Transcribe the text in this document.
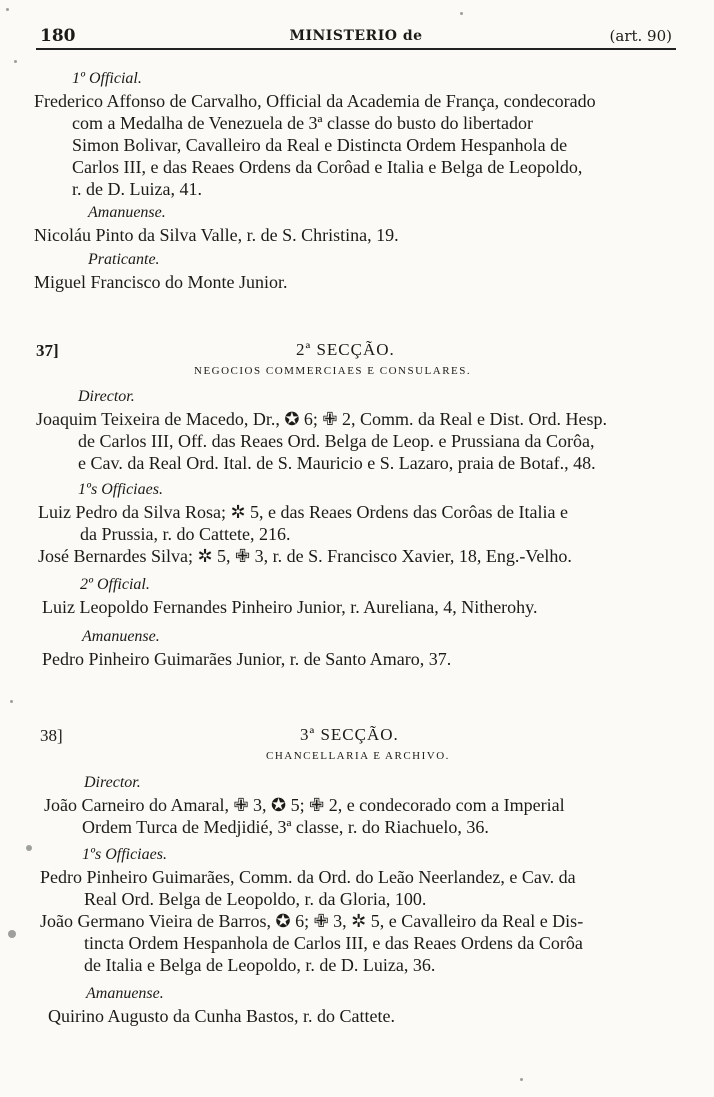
180	MINISTERIO de	(art. 90)
1º Official.
Frederico Affonso de Carvalho, Official da Academia de França, condecorado
com a Medalha de Venezuela de 3ª classe do busto do libertador
Simon Bolivar, Cavalleiro da Real e Distincta Ordem Hespanhola de
Carlos III, e das Reaes Ordens da Corôad e Italia e Belga de Leopoldo,
r. de D. Luiza, 41.
Amanuense.
Nicoláu Pinto da Silva Valle, r. de S. Christina, 19.
Praticante.
Miguel Francisco do Monte Junior.
37]	2ª SECÇÃO.
NEGOCIOS COMMERCIAES E CONSULARES.
Director.
Joaquim Teixeira de Macedo, Dr., ✪ 6; ✙ 2, Comm. da Real e Dist. Ord. Hesp.
de Carlos III, Off. das Reaes Ord. Belga de Leop. e Prussiana da Corôa,
e Cav. da Real Ord. Ital. de S. Mauricio e S. Lazaro, praia de Botaf., 48.
1ºs Officiaes.
Luiz Pedro da Silva Rosa; ✲ 5, e das Reaes Ordens das Corôas de Italia e
da Prussia, r. do Cattete, 216.
José Bernardes Silva; ✲ 5, ✙ 3, r. de S. Francisco Xavier, 18, Eng.-Velho.
2º Official.
Luiz Leopoldo Fernandes Pinheiro Junior, r. Aureliana, 4, Nitherohy.
Amanuense.
Pedro Pinheiro Guimarães Junior, r. de Santo Amaro, 37.
38]	3ª SECÇÃO.
CHANCELLARIA E ARCHIVO.
Director.
João Carneiro do Amaral, ✙ 3, ✪ 5; ✙ 2, e condecorado com a Imperial
Ordem Turca de Medjidié, 3ª classe, r. do Riachuelo, 36.
1ºs Officiaes.
Pedro Pinheiro Guimarães, Comm. da Ord. do Leão Neerlandez, e Cav. da
Real Ord. Belga de Leopoldo, r. da Gloria, 100.
João Germano Vieira de Barros, ✪ 6; ✙ 3, ✲ 5, e Cavalleiro da Real e Dis-
tincta Ordem Hespanhola de Carlos III, e das Reaes Ordens da Corôa
de Italia e Belga de Leopoldo, r. de D. Luiza, 36.
Amanuense.
Quirino Augusto da Cunha Bastos, r. do Cattete.
